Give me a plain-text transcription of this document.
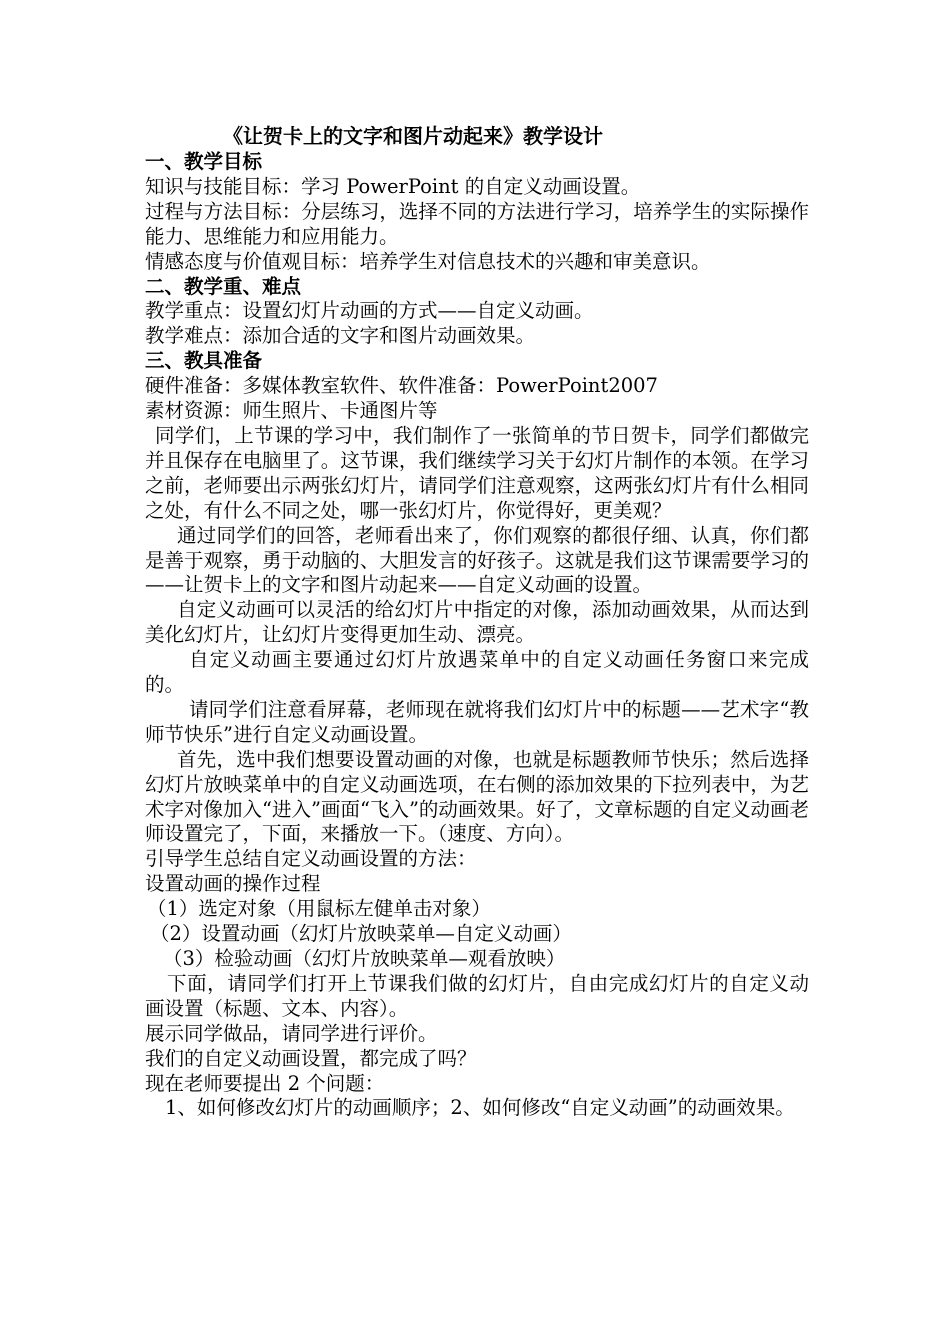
《让贺卡上的文字和图片动起来》教学设计
一、教学目标

知识与技能目标：学习 PowerPoint 的自定义动画设置。

过程与方法目标：分层练习，选择不同的方法进行学习，培养学生的实际操作能力、思维能力和应用能力。

情感态度与价值观目标：培养学生对信息技术的兴趣和审美意识。

二、教学重、难点

教学重点：设置幻灯片动画的方式——自定义动画。

教学难点：添加合适的文字和图片动画效果。

三、教具准备

硬件准备：多媒体教室软件、软件准备：PowerPoint2007

素材资源：师生照片、卡通图片等

同学们，上节课的学习中，我们制作了一张简单的节日贺卡，同学们都做完并且保存在电脑里了。这节课，我们继续学习关于幻灯片制作的本领。在学习之前，老师要出示两张幻灯片，请同学们注意观察，这两张幻灯片有什么相同之处，有什么不同之处，哪一张幻灯片，你觉得好，更美观？

通过同学们的回答，老师看出来了，你们观察的都很仔细、认真，你们都是善于观察，勇于动脑的、大胆发言的好孩子。这就是我们这节课需要学习的——让贺卡上的文字和图片动起来——自定义动画的设置。

自定义动画可以灵活的给幻灯片中指定的对像，添加动画效果，从而达到美化幻灯片，让幻灯片变得更加生动、漂亮。

自定义动画主要通过幻灯片放遇菜单中的自定义动画任务窗口来完成的。

请同学们注意看屏幕，老师现在就将我们幻灯片中的标题——艺术字“教师节快乐”进行自定义动画设置。

首先，选中我们想要设置动画的对像，也就是标题教师节快乐；然后选择幻灯片放映菜单中的自定义动画选项，在右侧的添加效果的下拉列表中，为艺术字对像加入“进入”画面“飞入”的动画效果。好了，文章标题的自定义动画老师设置完了，下面，来播放一下。（速度、方向）。

引导学生总结自定义动画设置的方法：

设置动画的操作过程

（1）选定对象（用鼠标左健单击对象）

（2）设置动画（幻灯片放映菜单—自定义动画）

（3）检验动画（幻灯片放映菜单—观看放映）

下面，请同学们打开上节课我们做的幻灯片，自由完成幻灯片的自定义动画设置（标题、文本、内容）。

展示同学做品，请同学进行评价。

我们的自定义动画设置，都完成了吗？

现在老师要提出 2 个问题：

1、如何修改幻灯片的动画顺序；2、如何修改“自定义动画”的动画效果。
